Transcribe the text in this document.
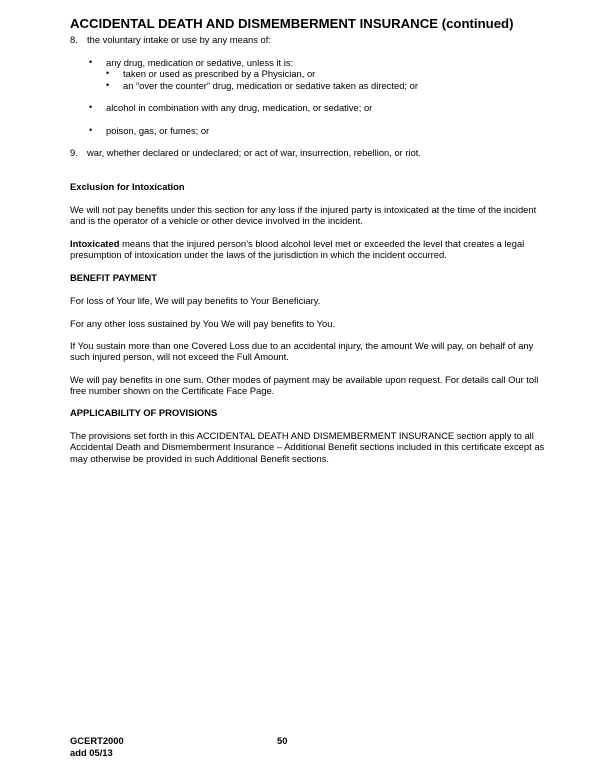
ACCIDENTAL DEATH AND DISMEMBERMENT INSURANCE (continued)
8. the voluntary intake or use by any means of:
• any drug, medication or sedative, unless it is:
• taken or used as prescribed by a Physician, or
• an “over the counter” drug, medication or sedative taken as directed; or
• alcohol in combination with any drug, medication, or sedative; or
• poison, gas, or fumes; or
9. war, whether declared or undeclared; or act of war, insurrection, rebellion, or riot.
Exclusion for Intoxication
We will not pay benefits under this section for any loss if the injured party is intoxicated at the time of the incident and is the operator of a vehicle or other device involved in the incident.
Intoxicated means that the injured person’s blood alcohol level met or exceeded the level that creates a legal presumption of intoxication under the laws of the jurisdiction in which the incident occurred.
BENEFIT PAYMENT
For loss of Your life, We will pay benefits to Your Beneficiary.
For any other loss sustained by You We will pay benefits to You.
If You sustain more than one Covered Loss due to an accidental injury, the amount We will pay, on behalf of any such injured person, will not exceed the Full Amount.
We will pay benefits in one sum. Other modes of payment may be available upon request. For details call Our toll free number shown on the Certificate Face Page.
APPLICABILITY OF PROVISIONS
The provisions set forth in this ACCIDENTAL DEATH AND DISMEMBERMENT INSURANCE section apply to all Accidental Death and Dismemberment Insurance – Additional Benefit sections included in this certificate except as may otherwise be provided in such Additional Benefit sections.
GCERT2000
add 05/13
50
